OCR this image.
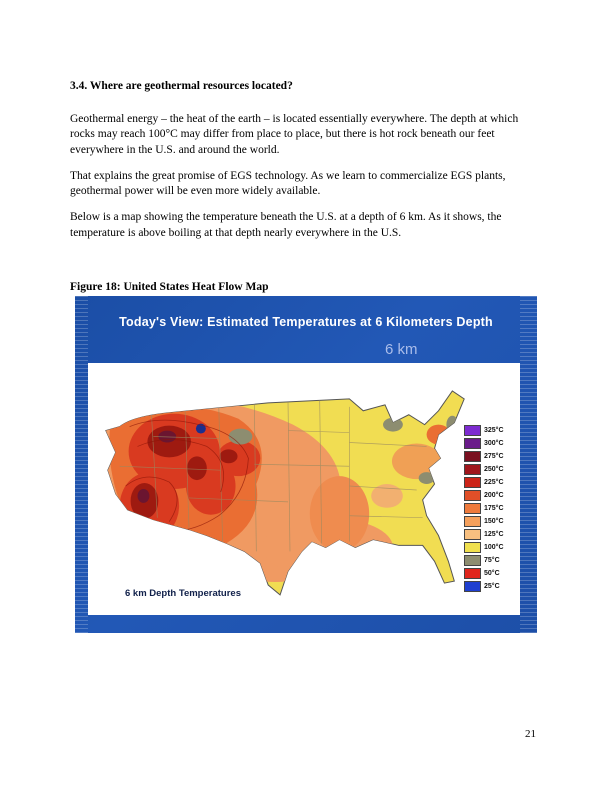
3.4. Where are geothermal resources located?

Geothermal energy – the heat of the earth – is located essentially everywhere. The depth at which rocks may reach 100°C may differ from place to place, but there is hot rock beneath our feet everywhere in the U.S. and around the world.

That explains the great promise of EGS technology. As we learn to commercialize EGS plants, geothermal power will be even more widely available.

Below is a map showing the temperature beneath the U.S. at a depth of 6 km. As it shows, the temperature is above boiling at that depth nearly everywhere in the U.S.

Figure 18: United States Heat Flow Map

Today's View: Estimated Temperatures at 6 Kilometers Depth
6 km
6 km Depth Temperatures
325°C
300°C
275°C
250°C
225°C
200°C
175°C
150°C
125°C
100°C
75°C
50°C
25°C
21
